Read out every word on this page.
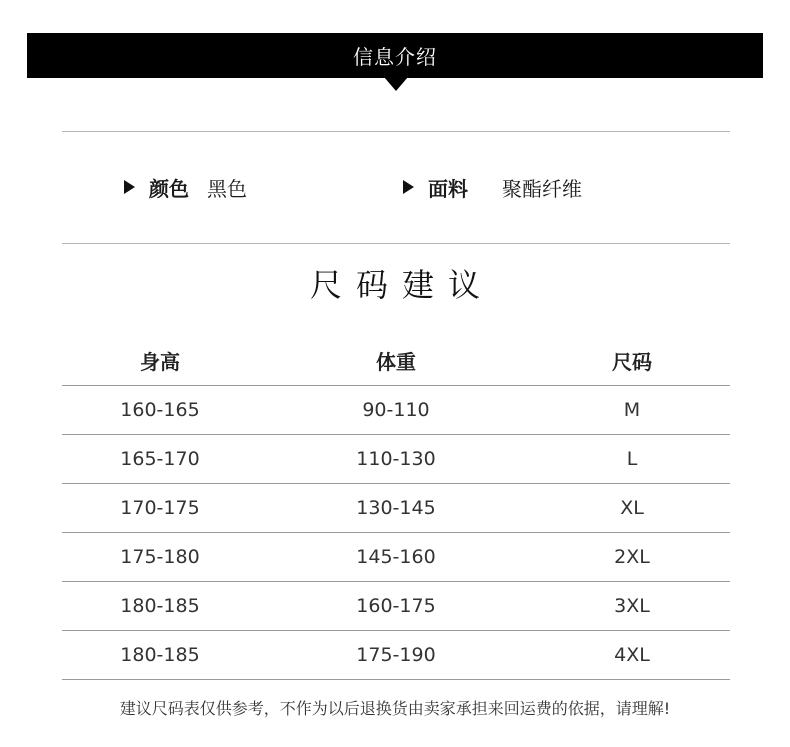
信息介绍
颜色 黑色	面料 聚酯纤维
尺码建议
身高	体重	尺码
160-165	90-110	M
165-170	110-130	L
170-175	130-145	XL
175-180	145-160	2XL
180-185	160-175	3XL
180-185	175-190	4XL
建议尺码表仅供参考，不作为以后退换货由卖家承担来回运费的依据，请理解!
